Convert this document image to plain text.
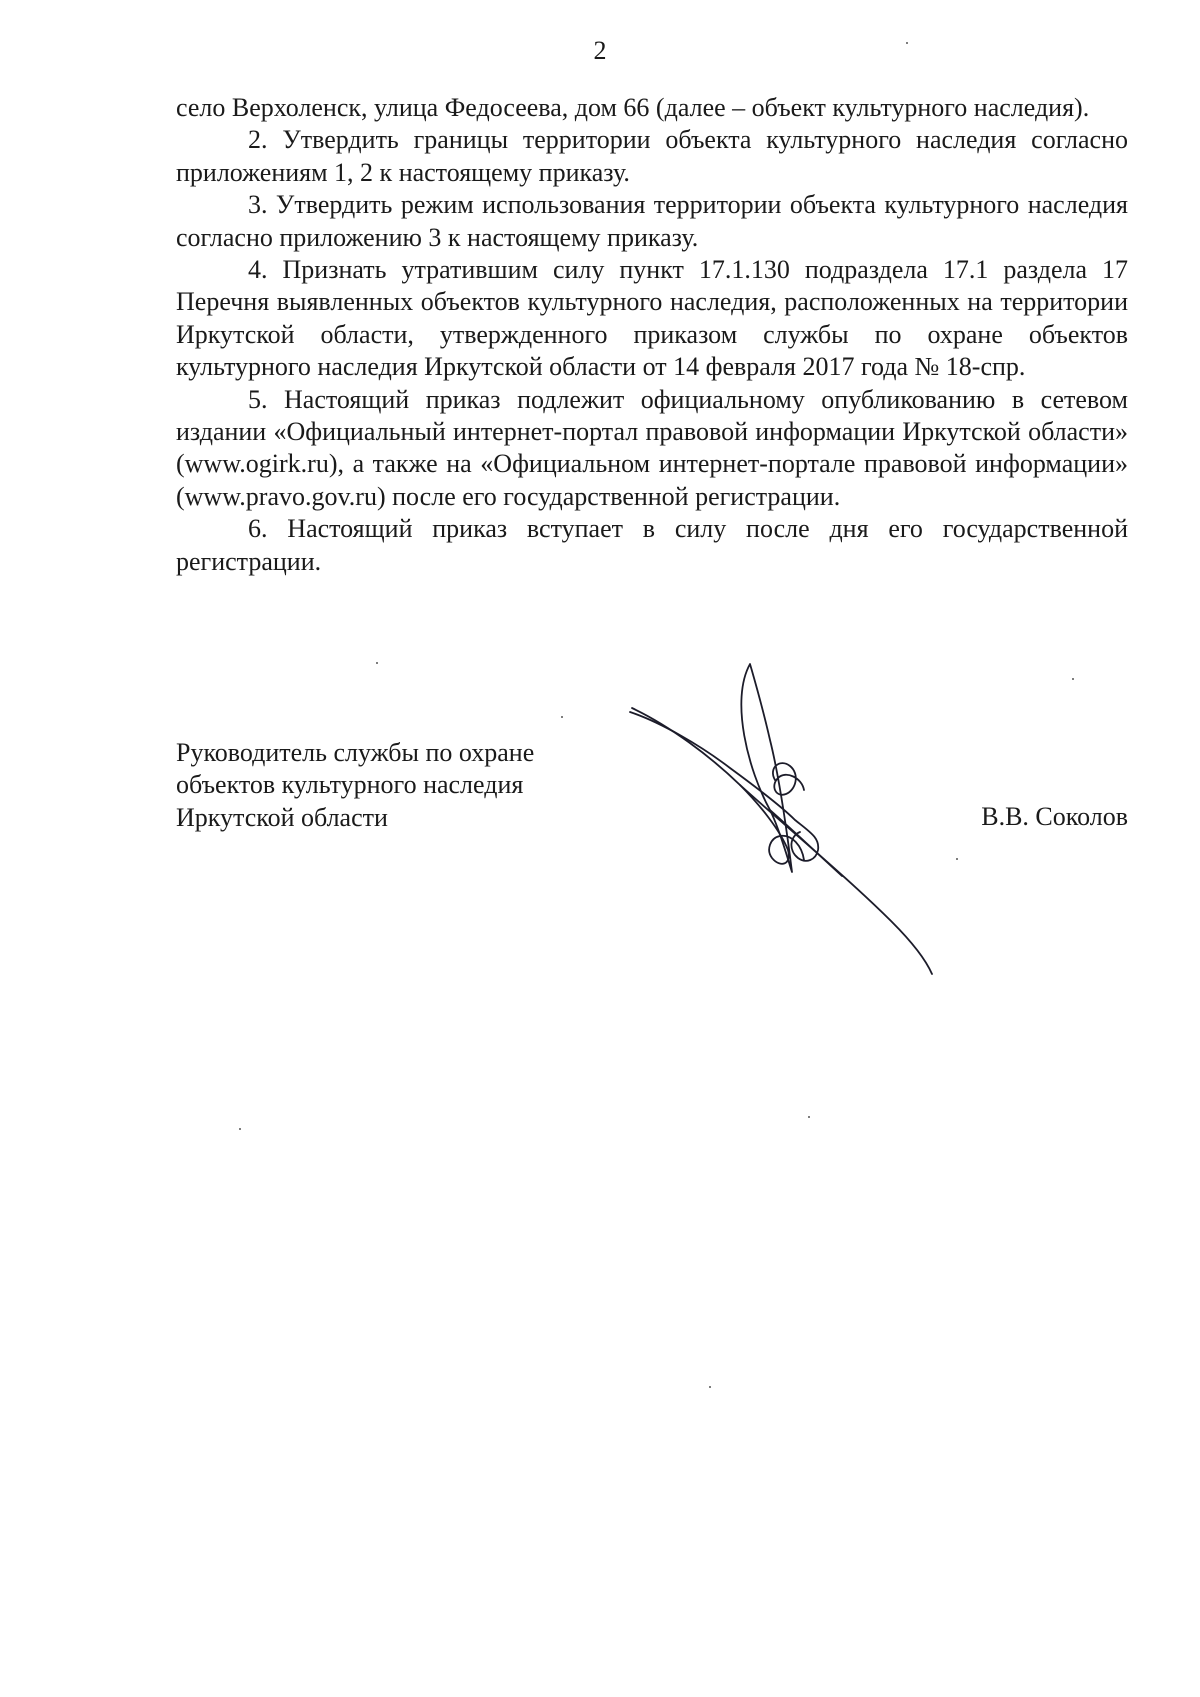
2

село Верхоленск, улица Федосеева, дом 66 (далее – объект культурного наследия).

2. Утвердить границы территории объекта культурного наследия согласно приложениям 1, 2 к настоящему приказу.

3. Утвердить режим использования территории объекта культурного наследия согласно приложению 3 к настоящему приказу.

4. Признать утратившим силу пункт 17.1.130 подраздела 17.1 раздела 17 Перечня выявленных объектов культурного наследия, расположенных на территории Иркутской области, утвержденного приказом службы по охране объектов культурного наследия Иркутской области от 14 февраля 2017 года № 18-спр.

5. Настоящий приказ подлежит официальному опубликованию в сетевом издании «Официальный интернет-портал правовой информации Иркутской области» (www.ogirk.ru), а также на «Официальном интернет-портале правовой информации» (www.pravo.gov.ru) после его государственной регистрации.

6. Настоящий приказ вступает в силу после дня его государственной регистрации.

Руководитель службы по охране
объектов культурного наследия
Иркутской области	В.В. Соколов
